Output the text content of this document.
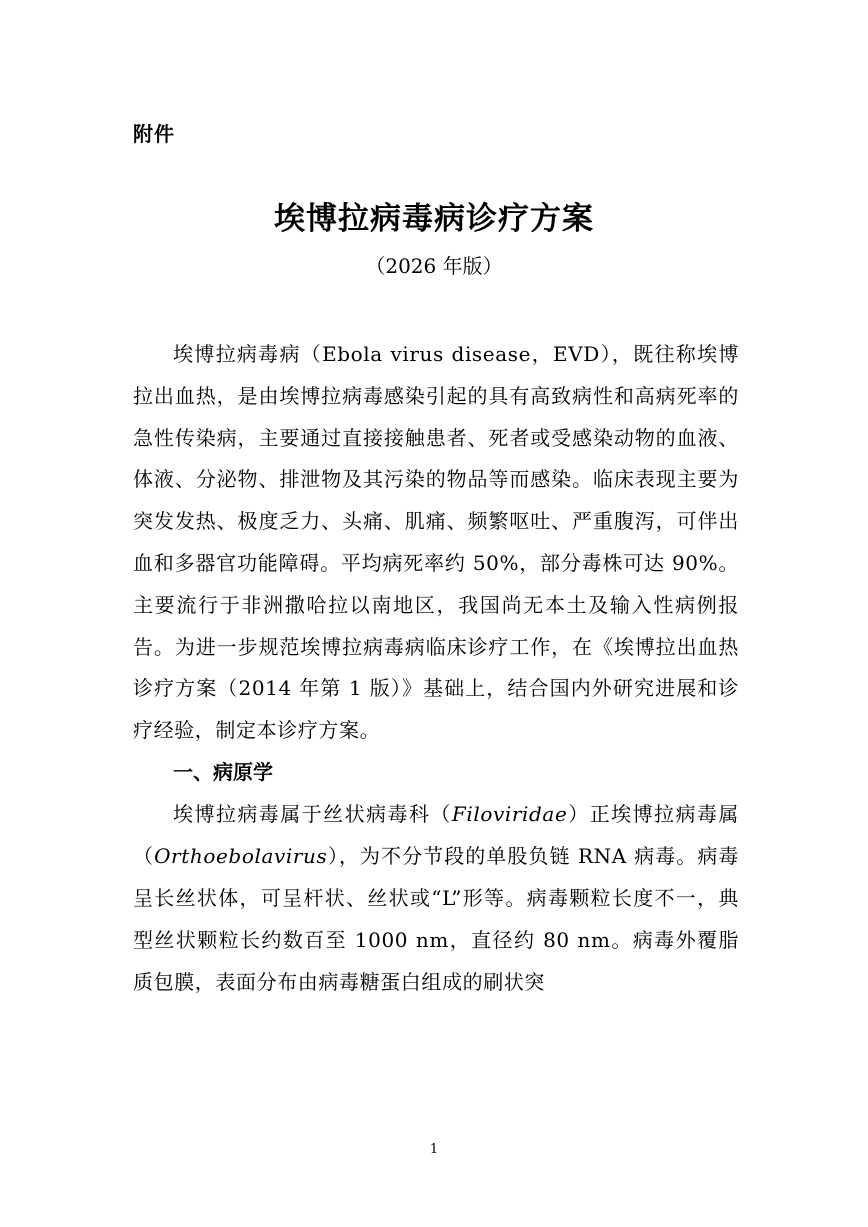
附件
埃博拉病毒病诊疗方案
（2026 年版）

埃博拉病毒病（Ebola virus disease，EVD），既往称埃博拉出血热，是由埃博拉病毒感染引起的具有高致病性和高病死率的急性传染病，主要通过直接接触患者、死者或受感染动物的血液、体液、分泌物、排泄物及其污染的物品等而感染。临床表现主要为突发发热、极度乏力、头痛、肌痛、频繁呕吐、严重腹泻，可伴出血和多器官功能障碍。平均病死率约 50%，部分毒株可达 90%。主要流行于非洲撒哈拉以南地区，我国尚无本土及输入性病例报告。为进一步规范埃博拉病毒病临床诊疗工作，在《埃博拉出血热诊疗方案（2014 年第 1 版）》基础上，结合国内外研究进展和诊疗经验，制定本诊疗方案。

一、病原学

埃博拉病毒属于丝状病毒科（Filoviridae）正埃博拉病毒属（Orthoebolavirus），为不分节段的单股负链 RNA 病毒。病毒呈长丝状体，可呈杆状、丝状或“L”形等。病毒颗粒长度不一，典型丝状颗粒长约数百至 1000 nm，直径约 80 nm。病毒外覆脂质包膜，表面分布由病毒糖蛋白组成的刷状突

1
